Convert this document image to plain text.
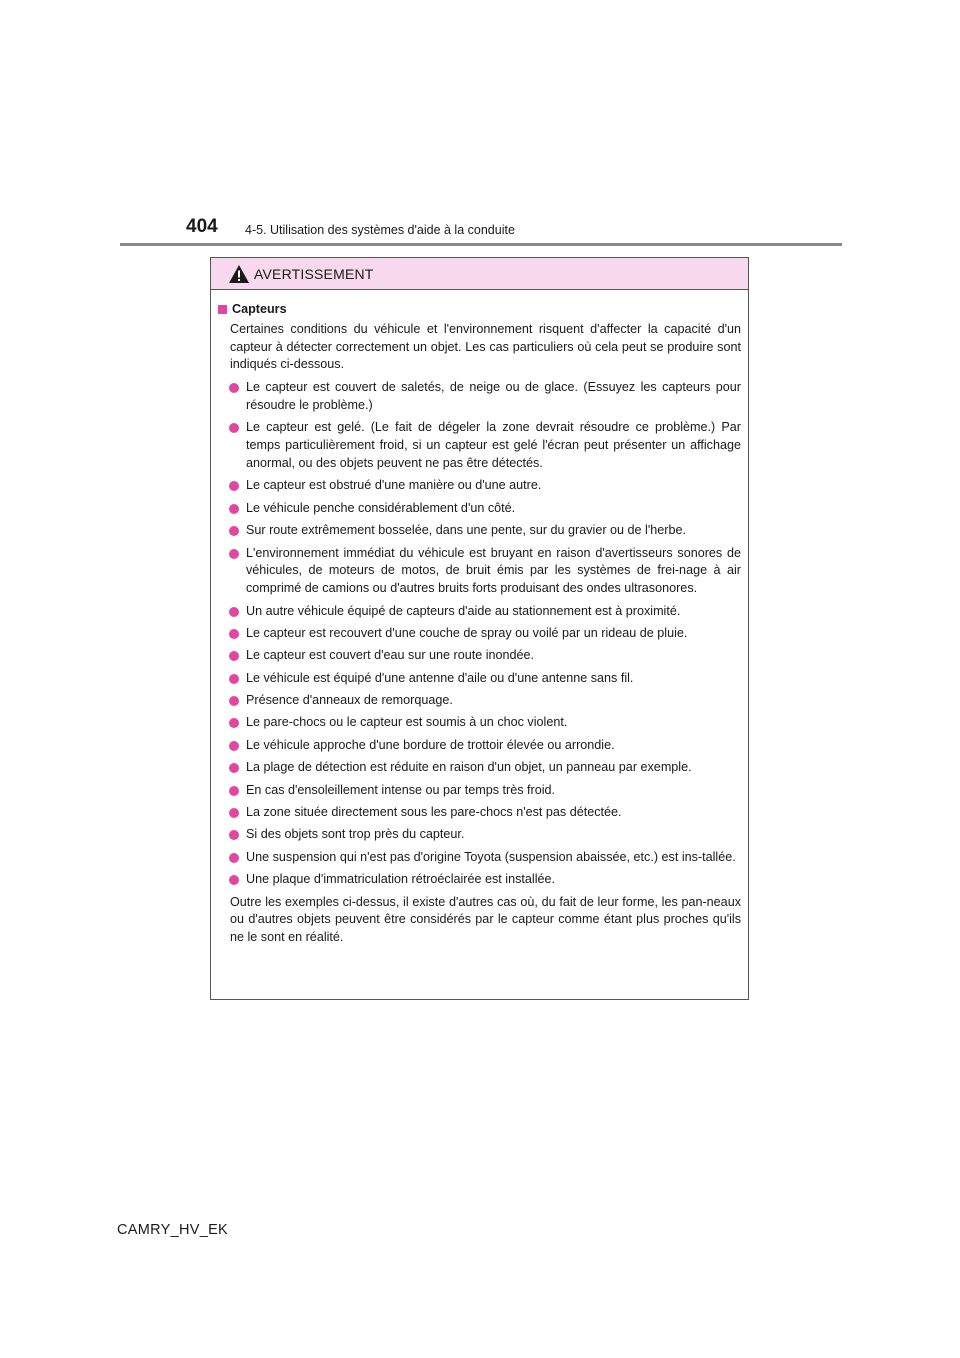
404 4-5. Utilisation des systèmes d'aide à la conduite
AVERTISSEMENT
Capteurs
Certaines conditions du véhicule et l'environnement risquent d'affecter la capacité d'un capteur à détecter correctement un objet. Les cas particuliers où cela peut se produire sont indiqués ci-dessous.
Le capteur est couvert de saletés, de neige ou de glace. (Essuyez les capteurs pour résoudre le problème.)
Le capteur est gelé. (Le fait de dégeler la zone devrait résoudre ce problème.) Par temps particulièrement froid, si un capteur est gelé l'écran peut présenter un affichage anormal, ou des objets peuvent ne pas être détectés.
Le capteur est obstrué d'une manière ou d'une autre.
Le véhicule penche considérablement d'un côté.
Sur route extrêmement bosselée, dans une pente, sur du gravier ou de l'herbe.
L'environnement immédiat du véhicule est bruyant en raison d'avertisseurs sonores de véhicules, de moteurs de motos, de bruit émis par les systèmes de frei-nage à air comprimé de camions ou d'autres bruits forts produisant des ondes ultrasonores.
Un autre véhicule équipé de capteurs d'aide au stationnement est à proximité.
Le capteur est recouvert d'une couche de spray ou voilé par un rideau de pluie.
Le capteur est couvert d'eau sur une route inondée.
Le véhicule est équipé d'une antenne d'aile ou d'une antenne sans fil.
Présence d'anneaux de remorquage.
Le pare-chocs ou le capteur est soumis à un choc violent.
Le véhicule approche d'une bordure de trottoir élevée ou arrondie.
La plage de détection est réduite en raison d'un objet, un panneau par exemple.
En cas d'ensoleillement intense ou par temps très froid.
La zone située directement sous les pare-chocs n'est pas détectée.
Si des objets sont trop près du capteur.
Une suspension qui n'est pas d'origine Toyota (suspension abaissée, etc.) est ins-tallée.
Une plaque d'immatriculation rétroéclairée est installée.
Outre les exemples ci-dessus, il existe d'autres cas où, du fait de leur forme, les pan-neaux ou d'autres objets peuvent être considérés par le capteur comme étant plus proches qu'ils ne le sont en réalité.
CAMRY_HV_EK
